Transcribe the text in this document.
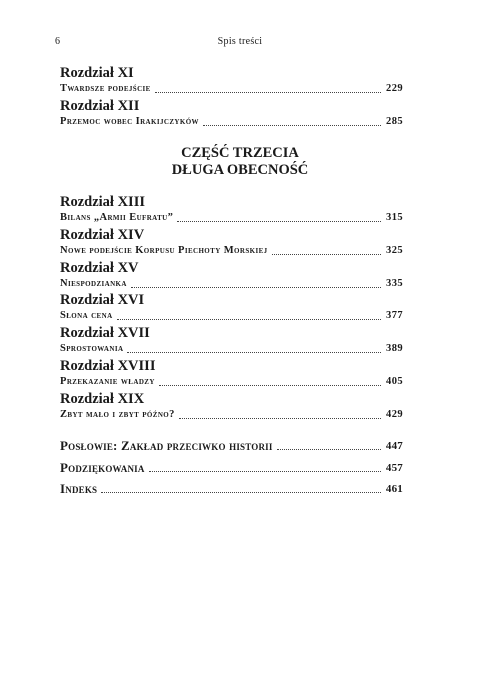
6	Spis treści
Rozdział XI
Twardsze podejście	229
Rozdział XII
Przemoc wobec Irakijczyków	285
CZĘŚĆ TRZECIA
DŁUGA OBECNOŚĆ
Rozdział XIII
Bilans „Armii Eufratu”	315
Rozdział XIV
Nowe podejście Korpusu Piechoty Morskiej	325
Rozdział XV
Niespodzianka	335
Rozdział XVI
Słona cena	377
Rozdział XVII
Sprostowania	389
Rozdział XVIII
Przekazanie władzy	405
Rozdział XIX
Zbyt mało i zbyt późno?	429
Posłowie: Zakład przeciwko historii	447
Podziękowania	457
Indeks	461
